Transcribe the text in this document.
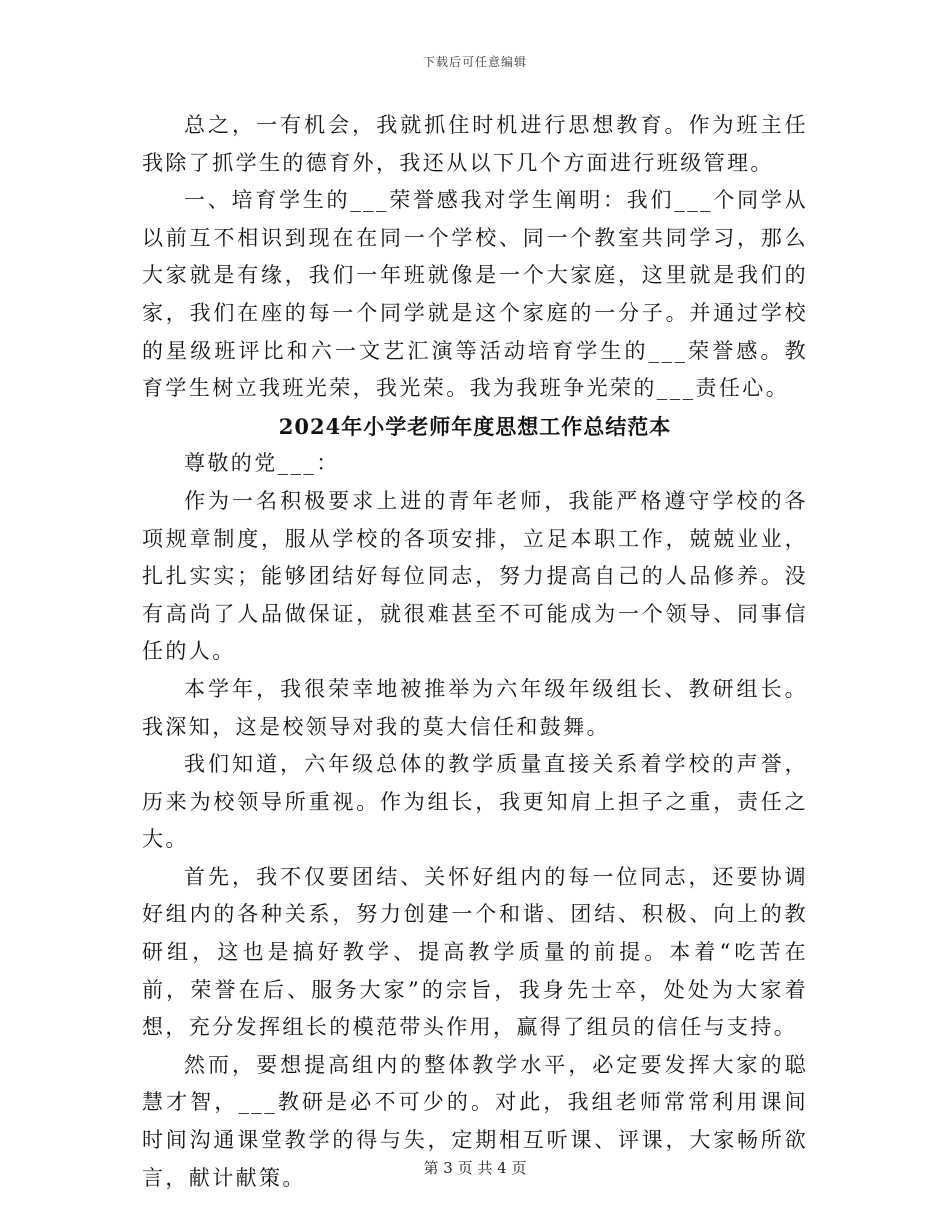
下载后可任意编辑

总之，一有机会，我就抓住时机进行思想教育。作为班主任我除了抓学生的德育外，我还从以下几个方面进行班级管理。

一、培育学生的___荣誉感我对学生阐明：我们___个同学从以前互不相识到现在在同一个学校、同一个教室共同学习，那么大家就是有缘，我们一年班就像是一个大家庭，这里就是我们的家，我们在座的每一个同学就是这个家庭的一分子。并通过学校的星级班评比和六一文艺汇演等活动培育学生的___荣誉感。教育学生树立我班光荣，我光荣。我为我班争光荣的___责任心。

2024年小学老师年度思想工作总结范本

尊敬的党___：

作为一名积极要求上进的青年老师，我能严格遵守学校的各项规章制度，服从学校的各项安排，立足本职工作，兢兢业业，扎扎实实；能够团结好每位同志，努力提高自己的人品修养。没有高尚了人品做保证，就很难甚至不可能成为一个领导、同事信任的人。

本学年，我很荣幸地被推举为六年级年级组长、教研组长。我深知，这是校领导对我的莫大信任和鼓舞。

我们知道，六年级总体的教学质量直接关系着学校的声誉，历来为校领导所重视。作为组长，我更知肩上担子之重，责任之大。

首先，我不仅要团结、关怀好组内的每一位同志，还要协调好组内的各种关系，努力创建一个和谐、团结、积极、向上的教研组，这也是搞好教学、提高教学质量的前提。本着“吃苦在前，荣誉在后、服务大家”的宗旨，我身先士卒，处处为大家着想，充分发挥组长的模范带头作用，赢得了组员的信任与支持。

然而，要想提高组内的整体教学水平，必定要发挥大家的聪慧才智，___教研是必不可少的。对此，我组老师常常利用课间时间沟通课堂教学的得与失，定期相互听课、评课，大家畅所欲言，献计献策。	第 3 页 共 4 页
